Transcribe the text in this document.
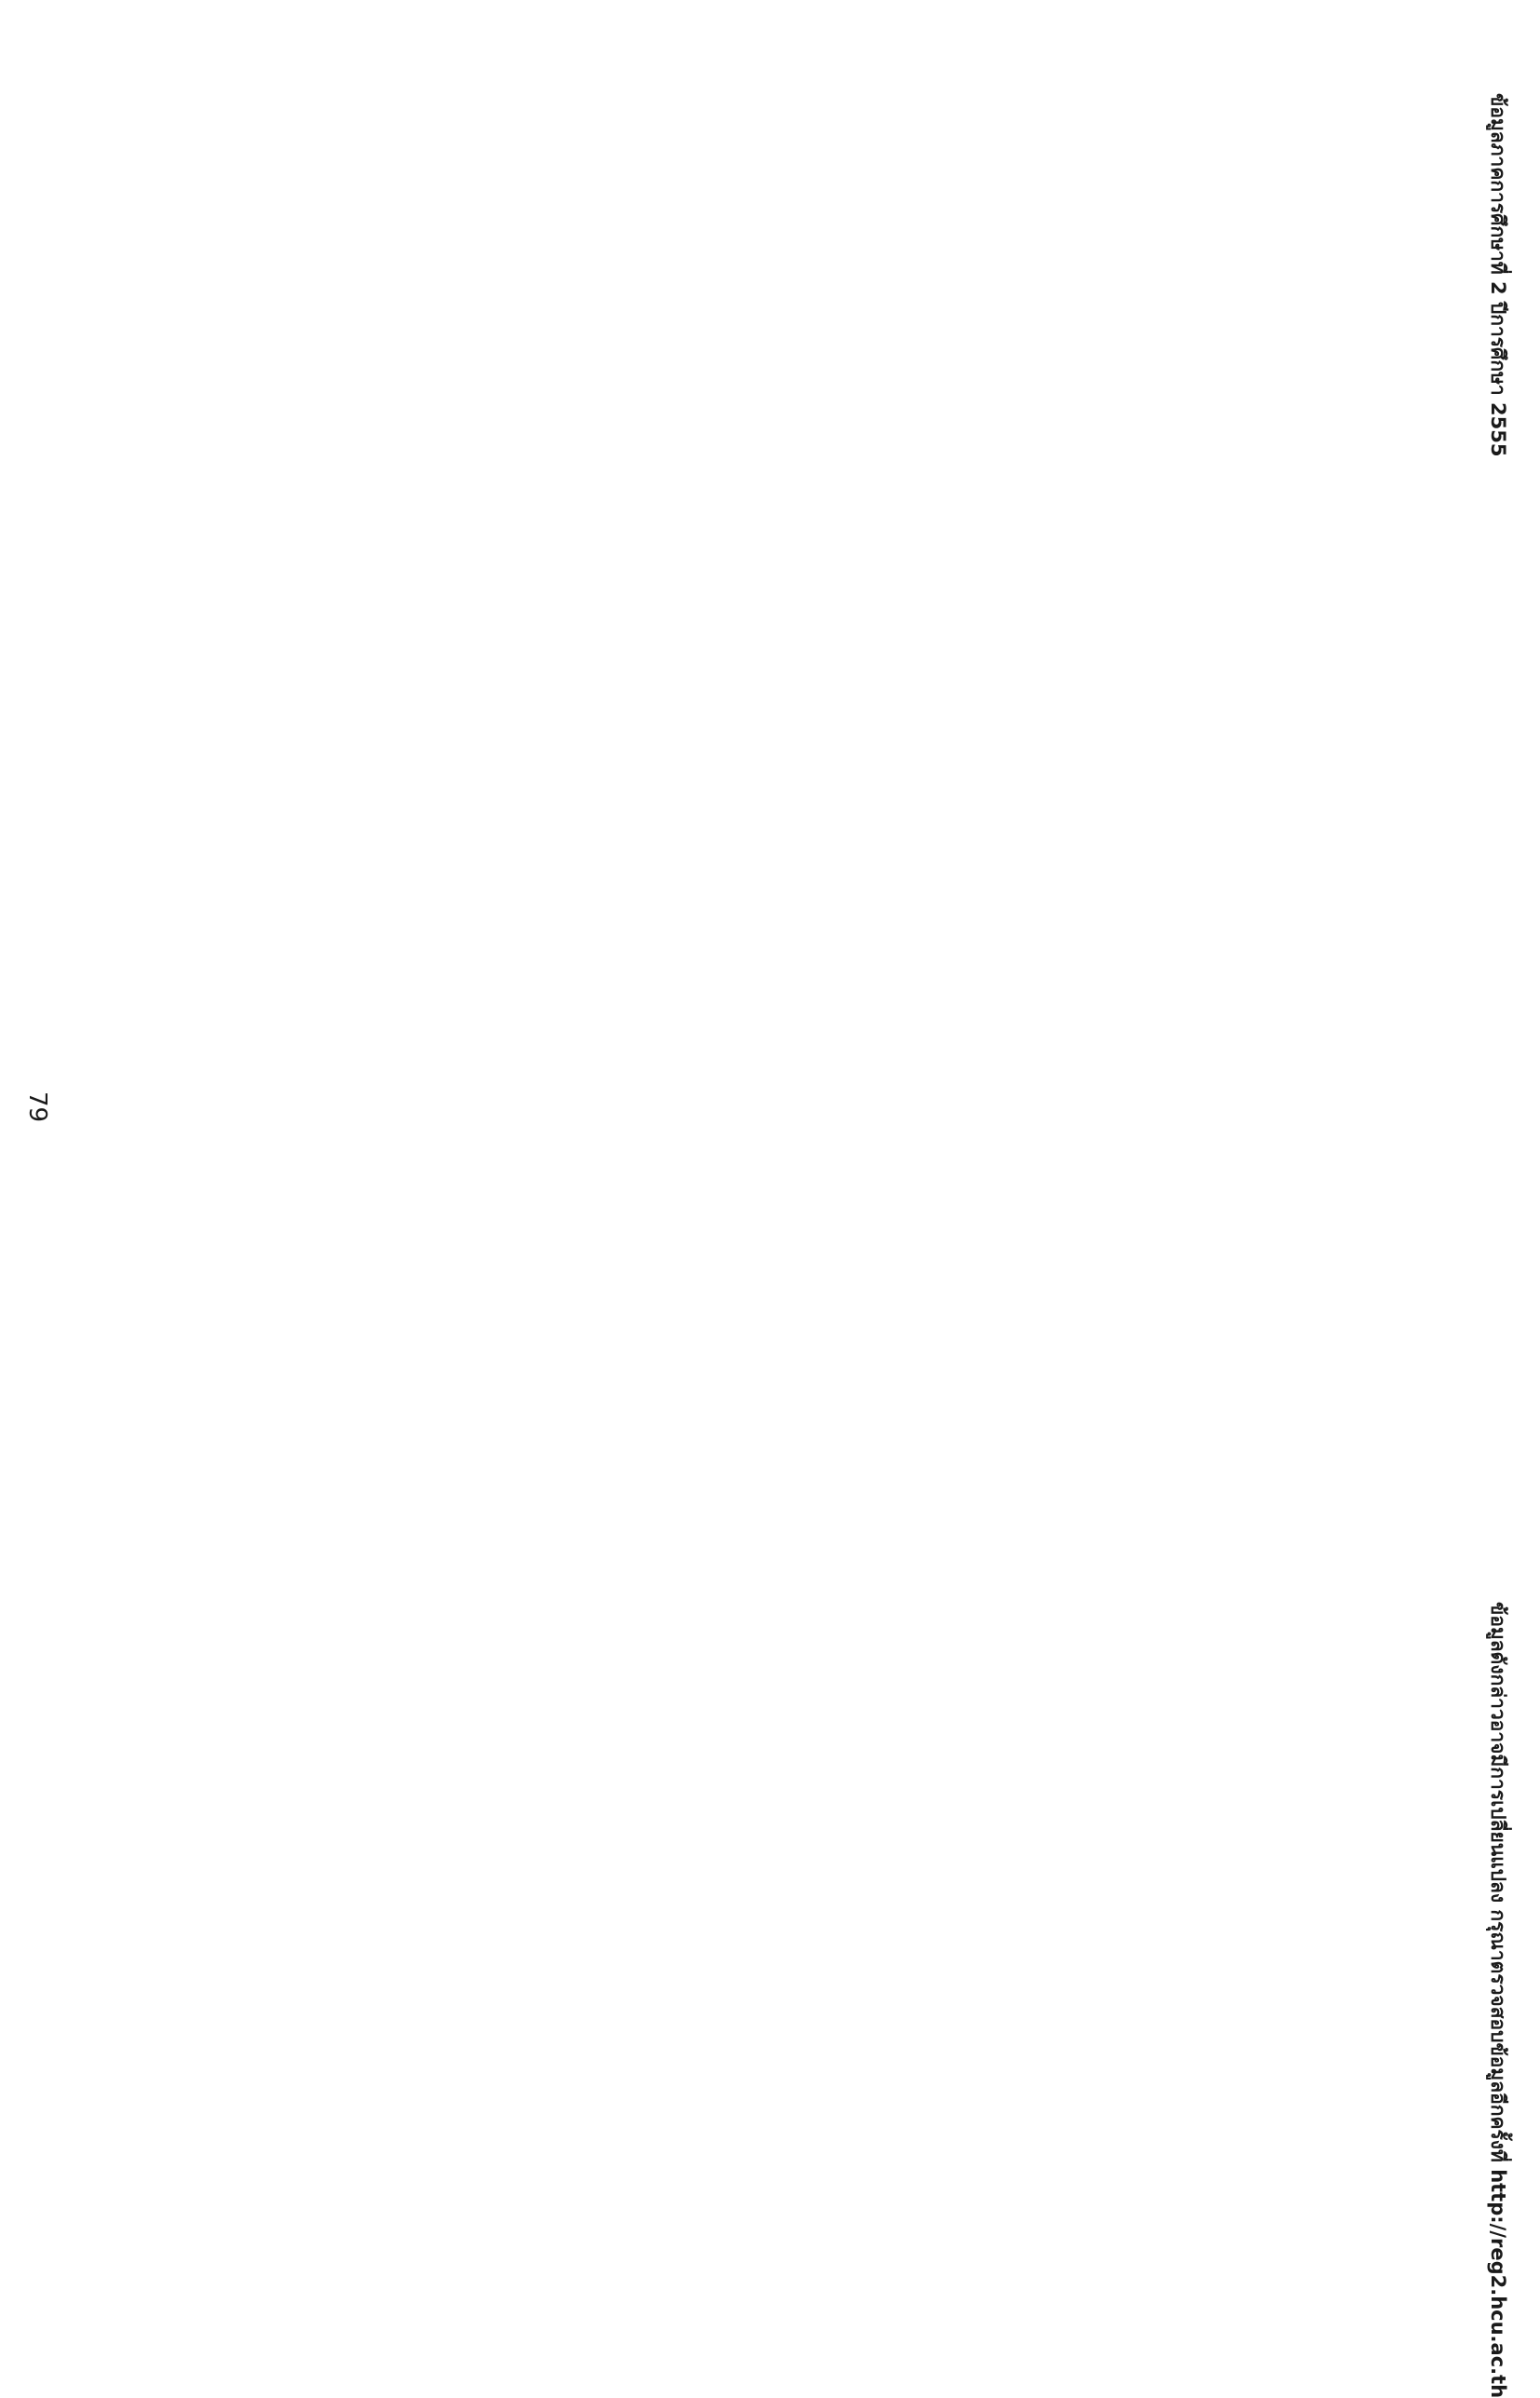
79
ข้อมูลภาคการศึกษาที่ 2 ปีการศึกษา 2555
ข้อมูลดังกล่าวอาจมีการเปลี่ยนแปลง กรุณาตรวจสอบข้อมูลอีกครั้งที่ http://reg2.hcu.ac.th
